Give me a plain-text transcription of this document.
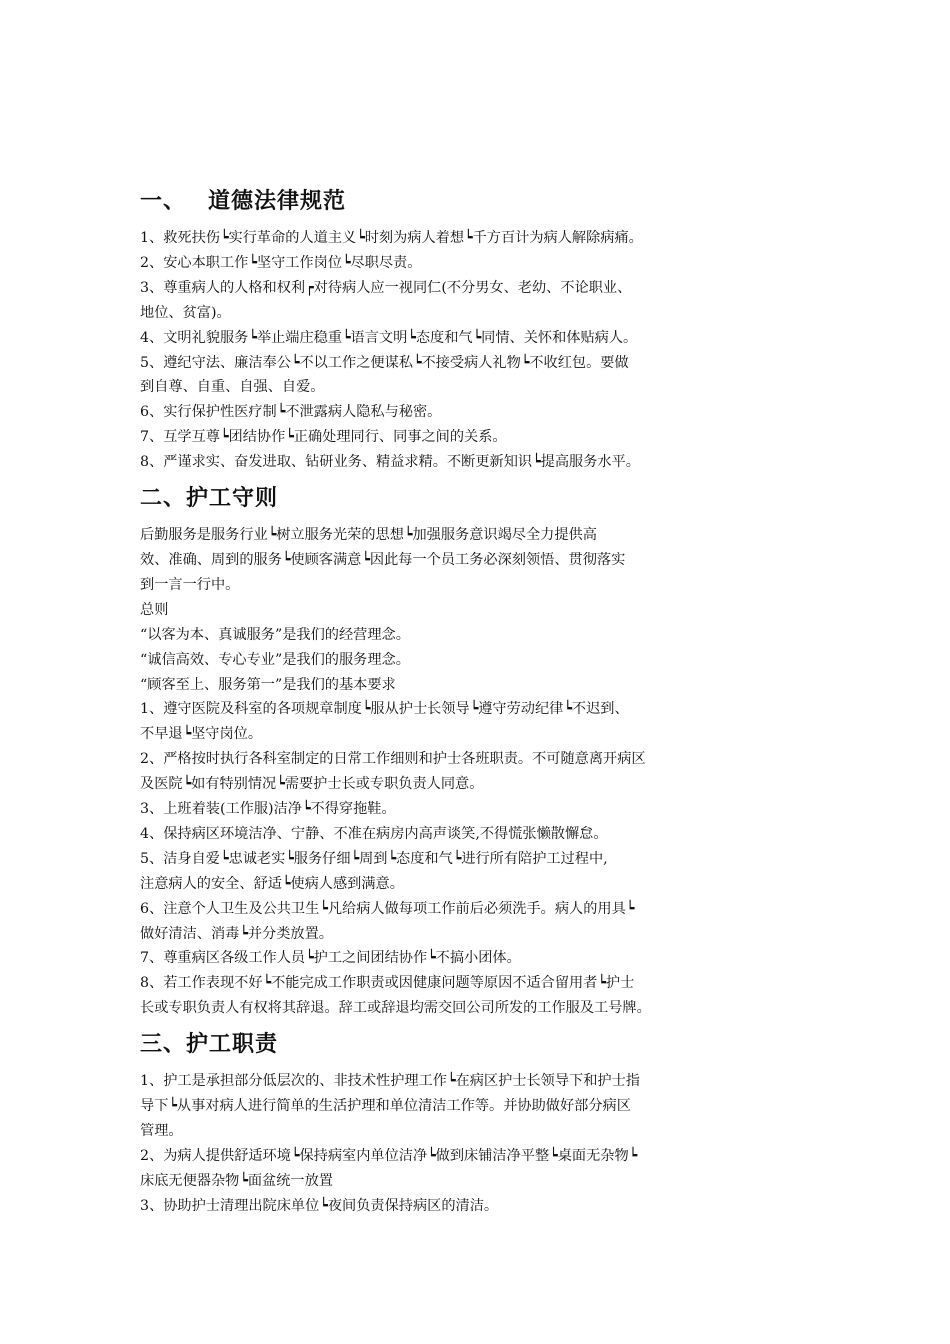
一、 道德法律规范

1、救死扶伤┕实行革命的人道主义┕时刻为病人着想┕千方百计为病人解除病痛。

2、安心本职工作┕坚守工作岗位┕尽职尽责。

3、尊重病人的人格和权利┍对待病人应一视同仁(不分男女、老幼、不论职业、

地位、贫富)。

4、文明礼貌服务┕举止端庄稳重┕语言文明┕态度和气┕同情、关怀和体贴病人。

5、遵纪守法、廉洁奉公┕不以工作之便谋私┕不接受病人礼物┕不收红包。要做

到自尊、自重、自强、自爱。

6、实行保护性医疗制┕不泄露病人隐私与秘密。

7、互学互尊┕团结协作┕正确处理同行、同事之间的关系。

8、严谨求实、奋发进取、钻研业务、精益求精。不断更新知识┕提高服务水平。

二、护工守则

后勤服务是服务行业┕树立服务光荣的思想┕加强服务意识竭尽全力提供高

效、准确、周到的服务┕使顾客满意┕因此每一个员工务必深刻领悟、贯彻落实

到一言一行中。

总则

“以客为本、真诚服务”是我们的经营理念。

“诚信高效、专心专业”是我们的服务理念。

“顾客至上、服务第一”是我们的基本要求

1、遵守医院及科室的各项规章制度┕服从护士长领导┕遵守劳动纪律┕不迟到、

不早退┕坚守岗位。

2、严格按时执行各科室制定的日常工作细则和护士各班职责。不可随意离开病区

及医院┕如有特别情况┕需要护士长或专职负责人同意。

3、上班着装(工作服)洁净┕不得穿拖鞋。

4、保持病区环境洁净、宁静、不准在病房内高声谈笑,不得慌张懒散懈怠。

5、洁身自爱┕忠诚老实┕服务仔细┕周到┕态度和气┕进行所有陪护工过程中,

注意病人的安全、舒适┕使病人感到满意。

6、注意个人卫生及公共卫生┕凡给病人做每项工作前后必须洗手。病人的用具┕

做好清洁、消毒┕并分类放置。

7、尊重病区各级工作人员┕护工之间团结协作┕不搞小团体。

8、若工作表现不好┕不能完成工作职责或因健康问题等原因不适合留用者┕护士

长或专职负责人有权将其辞退。辞工或辞退均需交回公司所发的工作服及工号牌。

三、护工职责

1、护工是承担部分低层次的、非技术性护理工作┕在病区护士长领导下和护士指

导下┕从事对病人进行简单的生活护理和单位清洁工作等。并协助做好部分病区

管理。

2、为病人提供舒适环境┕保持病室内单位洁净┕做到床铺洁净平整┕桌面无杂物┕

床底无便器杂物┕面盆统一放置

3、协助护士清理出院床单位┕夜间负责保持病区的清洁。
